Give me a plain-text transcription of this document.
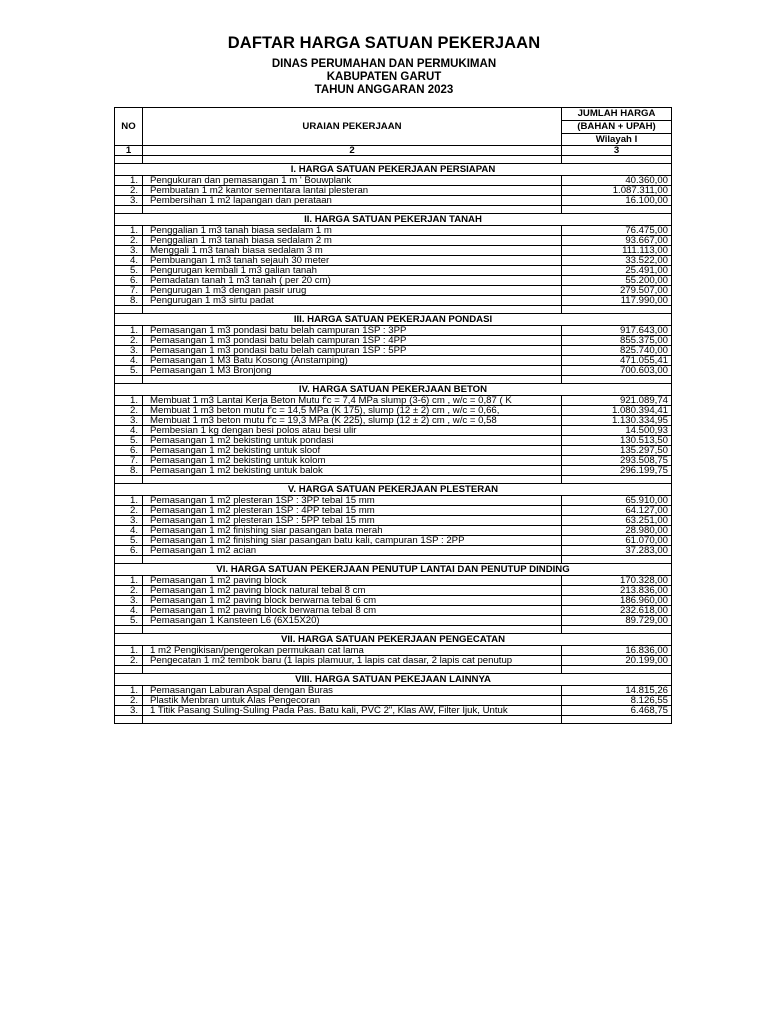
DAFTAR HARGA SATUAN PEKERJAAN
DINAS PERUMAHAN DAN PERMUKIMAN
KABUPATEN GARUT
TAHUN ANGGARAN 2023
NO	URAIAN PEKERJAAN	JUMLAH HARGA
		(BAHAN + UPAH)
		Wilayah I
1	2	3

I. HARGA SATUAN PEKERJAAN PERSIAPAN		
1.	Pengukuran dan pemasangan 1 m ' Bouwplank	40.360,00
2.	Pembuatan 1 m2 kantor sementara lantai plesteran	1.087.311,00
3.	Pembersihan 1 m2 lapangan dan perataan	16.100,00

II. HARGA SATUAN PEKERJAN TANAH		
1.	Penggalian 1 m3 tanah biasa sedalam 1 m	76.475,00
2.	Penggalian 1 m3 tanah biasa sedalam 2 m	93.667,00
3.	Menggali 1 m3 tanah biasa sedalam 3 m	111.113,00
4.	Pembuangan 1 m3 tanah sejauh 30 meter	33.522,00
5.	Pengurugan kembali 1 m3 galian tanah	25.491,00
6.	Pemadatan tanah 1 m3 tanah ( per 20 cm)	55.200,00
7.	Pengurugan 1 m3 dengan pasir urug	279.507,00
8.	Pengurugan 1 m3 sirtu padat	117.990,00

III. HARGA SATUAN PEKERJAAN PONDASI		
1.	Pemasangan 1 m3 pondasi batu belah campuran 1SP : 3PP	917.643,00
2.	Pemasangan 1 m3 pondasi batu belah campuran 1SP : 4PP	855.375,00
3.	Pemasangan 1 m3 pondasi batu belah campuran 1SP : 5PP	825.740,00
4.	Pemasangan 1 M3 Batu Kosong (Anstamping)	471.055,41
5.	Pemasangan 1 M3 Bronjong	700.603,00

IV. HARGA SATUAN PEKERJAAN BETON		
1.	Membuat 1 m3 Lantai Kerja Beton Mutu f'c = 7,4 MPa slump (3-6) cm , w/c = 0,87 ( K	921.089,74
2.	Membuat 1 m3 beton mutu f'c = 14,5 MPa (K 175), slump (12 ± 2) cm , w/c = 0,66,	1.080.394,41
3.	Membuat 1 m3 beton mutu f'c = 19,3 MPa (K 225), slump (12 ± 2) cm , w/c = 0,58	1.130.334,95
4.	Pembesian 1 kg dengan besi polos atau besi ulir	14.500,93
5.	Pemasangan 1 m2 bekisting untuk pondasi	130.513,50
6.	Pemasangan 1 m2 bekisting untuk sloof	135.297,50
7.	Pemasangan 1 m2 bekisting untuk kolom	293.508,75
8.	Pemasangan 1 m2 bekisting untuk balok	296.199,75

V. HARGA SATUAN PEKERJAAN PLESTERAN		
1.	Pemasangan 1 m2 plesteran 1SP : 3PP tebal 15 mm	65.910,00
2.	Pemasangan 1 m2 plesteran 1SP : 4PP tebal 15 mm	64.127,00
3.	Pemasangan 1 m2 plesteran 1SP : 5PP tebal 15 mm	63.251,00
4.	Pemasangan 1 m2 finishing siar pasangan bata merah	28.980,00
5.	Pemasangan 1 m2 finishing siar pasangan batu kali, campuran 1SP : 2PP	61.070,00
6.	Pemasangan 1 m2 acian	37.283,00

VI. HARGA SATUAN PEKERJAAN PENUTUP LANTAI DAN PENUTUP DINDING		
1.	Pemasangan 1 m2 paving block	170.328,00
2.	Pemasangan 1 m2 paving block natural tebal 8 cm	213.836,00
3.	Pemasangan 1 m2 paving block berwarna tebal 6 cm	186.960,00
4.	Pemasangan 1 m2 paving block berwarna tebal 8 cm	232.618,00
5.	Pemasangan 1 Kansteen L6 (6X15X20)	89.729,00

VII. HARGA SATUAN PEKERJAAN PENGECATAN		
1.	1 m2 Pengikisan/pengerokan permukaan cat lama	16.836,00
2.	Pengecatan 1 m2 tembok baru (1 lapis plamuur, 1 lapis cat dasar, 2 lapis cat penutup	20.199,00

VIII. HARGA SATUAN PEKEJAAN LAINNYA		
1.	Pemasangan Laburan Aspal dengan Buras	14.815,26
2.	Plastik Menbran untuk Alas Pengecoran	8.126,55
3.	1 Titik Pasang Suling-Suling Pada Pas. Batu kali, PVC 2", Klas AW, Filter Ijuk, Untuk	6.468,75
